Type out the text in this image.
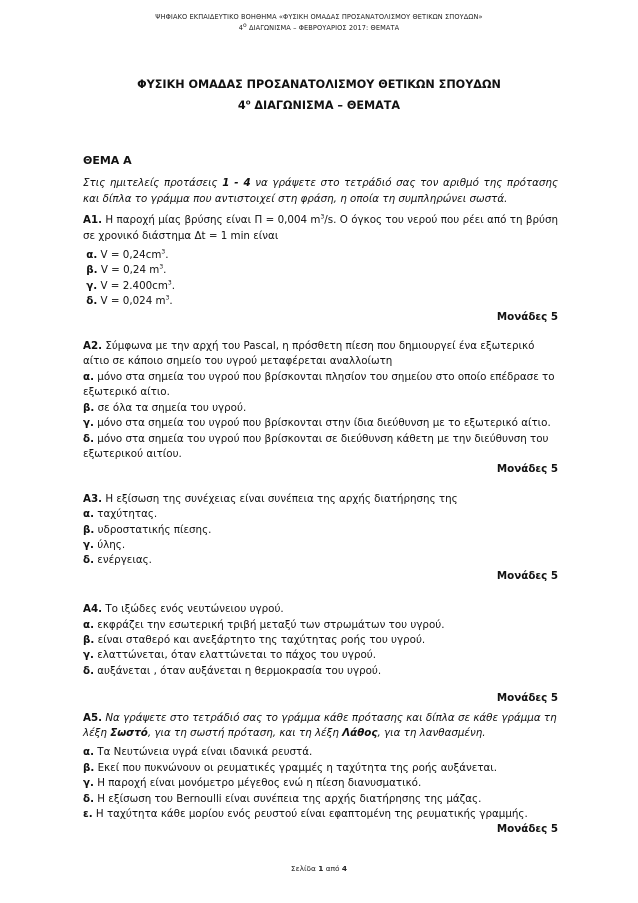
ΨΗΦΙΑΚΟ ΕΚΠΑΙΔΕΥΤΙΚΟ ΒΟΗΘΗΜΑ «ΦΥΣΙΚΗ ΟΜΑΔΑΣ ΠΡΟΣΑΝΑΤΟΛΙΣΜΟΥ ΘΕΤΙΚΩΝ ΣΠΟΥΔΩΝ»
$4^o$ ΔΙΑΓΩΝΙΣΜΑ – ΦΕΒΡΟΥΑΡΙΟΣ 2017: ΘΕΜΑΤΑ
ΦΥΣΙΚΗ ΟΜΑΔΑΣ ΠΡΟΣΑΝΑΤΟΛΙΣΜΟΥ ΘΕΤΙΚΩΝ ΣΠΟΥΔΩΝ
$4^o$ ΔΙΑΓΩΝΙΣΜΑ – ΘΕΜΑΤΑ

ΘΕΜΑ Α

Στις ημιτελείς προτάσεις 1 - 4 να γράψετε στο τετράδιό σας τον αριθμό της πρότασης και δίπλα το γράμμα που αντιστοιχεί στη φράση, η οποία τη συμπληρώνει σωστά.

Α1. Η παροχή μίας βρύσης είναι Π = 0,004 $m^3/s$. Ο όγκος του νερού που ρέει από τη βρύση σε χρονικό διάστημα Δt = 1 min είναι

α. $V = 0,24cm^3$.

β. V = 0,24 $m^3$.

γ. $V = 2.400cm^3$.

δ. V = 0,024 $m^3$.

Μονάδες 5

Α2. Σύμφωνα με την αρχή του Pascal, η πρόσθετη πίεση που δημιουργεί ένα εξωτερικό αίτιο σε κάποιο σημείο του υγρού μεταφέρεται αναλλοίωτη

α. μόνο στα σημεία του υγρού που βρίσκονται πλησίον του σημείου στο οποίο επέδρασε το εξωτερικό αίτιο.

β. σε όλα τα σημεία του υγρού.

γ. μόνο στα σημεία του υγρού που βρίσκονται στην ίδια διεύθυνση με το εξωτερικό αίτιο.

δ. μόνο στα σημεία του υγρού που βρίσκονται σε διεύθυνση κάθετη με την διεύθυνση του εξωτερικού αιτίου.

Μονάδες 5

Α3. Η εξίσωση της συνέχειας είναι συνέπεια της αρχής διατήρησης της

α. ταχύτητας.

β. υδροστατικής πίεσης.

γ. ύλης.

δ. ενέργειας.

Μονάδες 5

Α4. Το ιξώδες ενός νευτώνειου υγρού.

α. εκφράζει την εσωτερική τριβή μεταξύ των στρωμάτων του υγρού.

β. είναι σταθερό και ανεξάρτητο της ταχύτητας ροής του υγρού.

γ. ελαττώνεται, όταν ελαττώνεται το πάχος του υγρού.

δ. αυξάνεται , όταν αυξάνεται η θερμοκρασία του υγρού.

Μονάδες 5

Α5. Να γράψετε στο τετράδιό σας το γράμμα κάθε πρότασης και δίπλα σε κάθε γράμμα τη λέξη Σωστό, για τη σωστή πρόταση, και τη λέξη Λάθος, για τη λανθασμένη.

α. Τα Νευτώνεια υγρά είναι ιδανικά ρευστά.

β. Εκεί που πυκνώνουν οι ρευματικές γραμμές η ταχύτητα της ροής αυξάνεται.

γ. Η παροχή είναι μονόμετρο μέγεθος ενώ η πίεση διανυσματικό.

δ. Η εξίσωση του Bernoulli είναι συνέπεια της αρχής διατήρησης της μάζας.

ε. Η ταχύτητα κάθε μορίου ενός ρευστού είναι εφαπτομένη της ρευματικής γραμμής.

Μονάδες 5

Σελίδα 1 από 4
